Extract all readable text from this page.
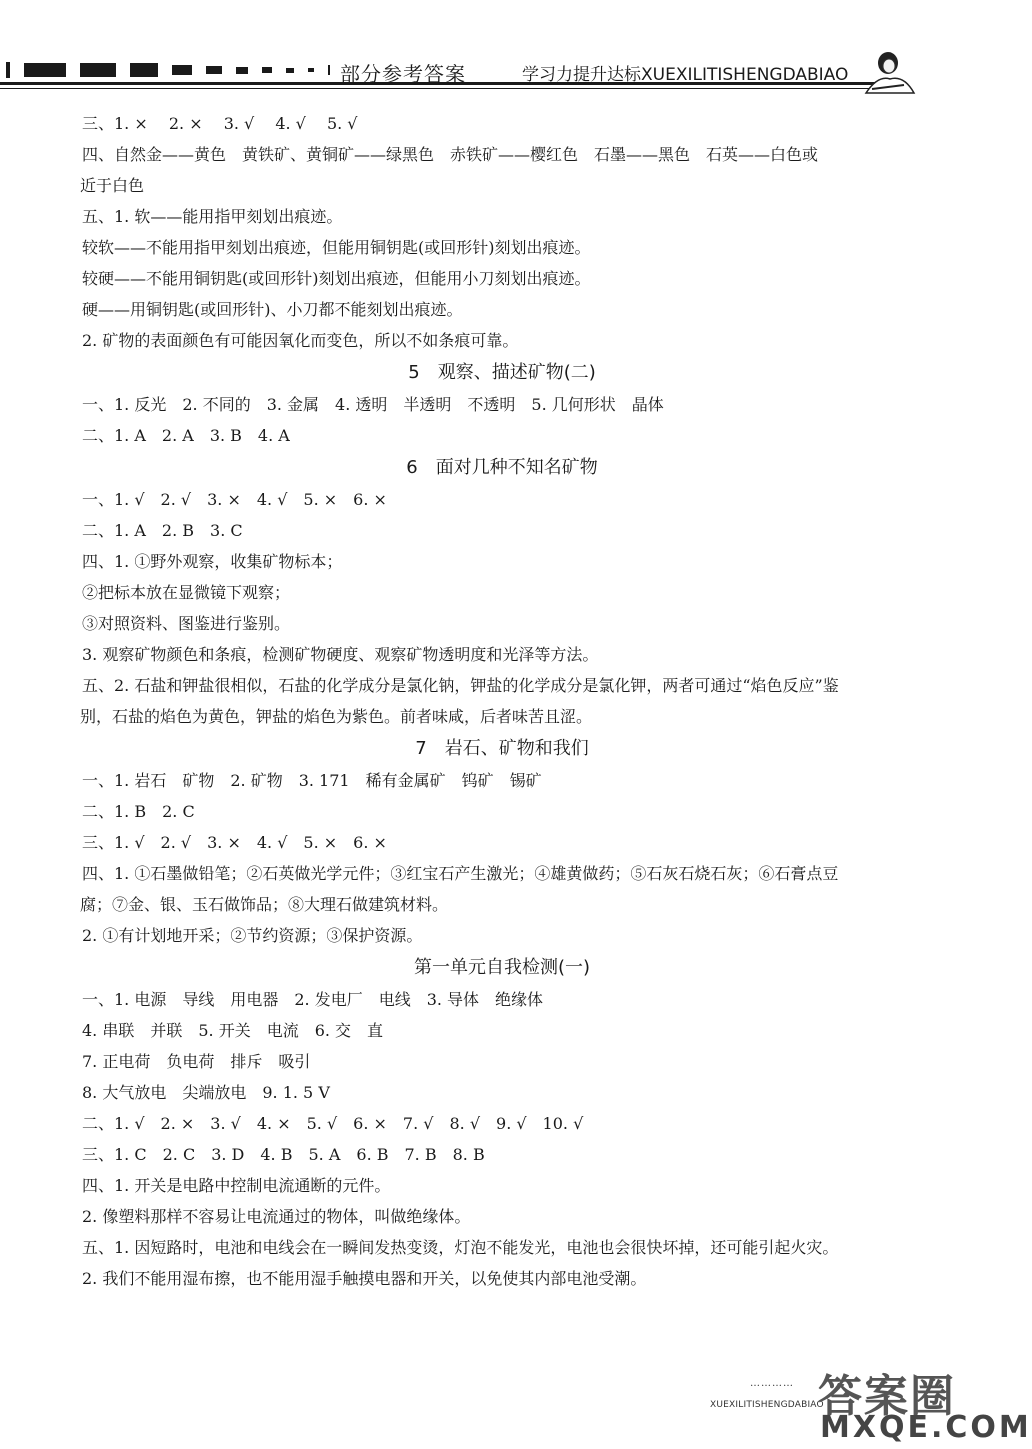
部分参考答案	学习力提升达标XUEXILITISHENGDABIAO

三、1. ×　 2. ×　 3. √　 4. √　 5. √

四、自然金——黄色　黄铁矿、黄铜矿——绿黑色　赤铁矿——樱红色　石墨——黑色　石英——白色或

近于白色

五、1. 软——能用指甲刻划出痕迹。

较软——不能用指甲刻划出痕迹，但能用铜钥匙(或回形针)刻划出痕迹。

较硬——不能用铜钥匙(或回形针)刻划出痕迹，但能用小刀刻划出痕迹。

硬——用铜钥匙(或回形针)、小刀都不能刻划出痕迹。

2. 矿物的表面颜色有可能因氧化而变色，所以不如条痕可靠。

5　观察、描述矿物(二)

一、1. 反光　2. 不同的　3. 金属　4. 透明　半透明　不透明　5. 几何形状　晶体

二、1. A　2. A　3. B　4. A

6　面对几种不知名矿物

一、1. √　2. √　3. ×　4. √　5. ×　6. ×

二、1. A　2. B　3. C

四、1. ①野外观察，收集矿物标本；

②把标本放在显微镜下观察；

③对照资料、图鉴进行鉴别。

3. 观察矿物颜色和条痕，检测矿物硬度、观察矿物透明度和光泽等方法。

五、2. 石盐和钾盐很相似，石盐的化学成分是氯化钠，钾盐的化学成分是氯化钾，两者可通过“焰色反应”鉴

别，石盐的焰色为黄色，钾盐的焰色为紫色。前者味咸，后者味苦且涩。

7　岩石、矿物和我们

一、1. 岩石　矿物　2. 矿物　3. 171　稀有金属矿　钨矿　锡矿

二、1. B　2. C

三、1. √　2. √　3. ×　4. √　5. ×　6. ×

四、1. ①石墨做铅笔；②石英做光学元件；③红宝石产生激光；④雄黄做药；⑤石灰石烧石灰；⑥石膏点豆

腐；⑦金、银、玉石做饰品；⑧大理石做建筑材料。

2. ①有计划地开采；②节约资源；③保护资源。

第一单元自我检测(一)

一、1. 电源　导线　用电器　2. 发电厂　电线　3. 导体　绝缘体

4. 串联　并联　5. 开关　电流　6. 交　直

7. 正电荷　负电荷　排斥　吸引

8. 大气放电　尖端放电　9. 1. 5 V

二、1. √　2. ×　3. √　4. ×　5. √　6. ×　7. √　8. √　9. √　10. √

三、1. C　2. C　3. D　4. B　5. A　6. B　7. B　8. B

四、1. 开关是电路中控制电流通断的元件。

2. 像塑料那样不容易让电流通过的物体，叫做绝缘体。

五、1. 因短路时，电池和电线会在一瞬间发热变烫，灯泡不能发光，电池也会很快坏掉，还可能引起火灾。

2. 我们不能用湿布擦，也不能用湿手触摸电器和开关，以免使其内部电池受潮。

…………
XUEXILITISHENGDABIAO
答案圈
MXQE.COM
